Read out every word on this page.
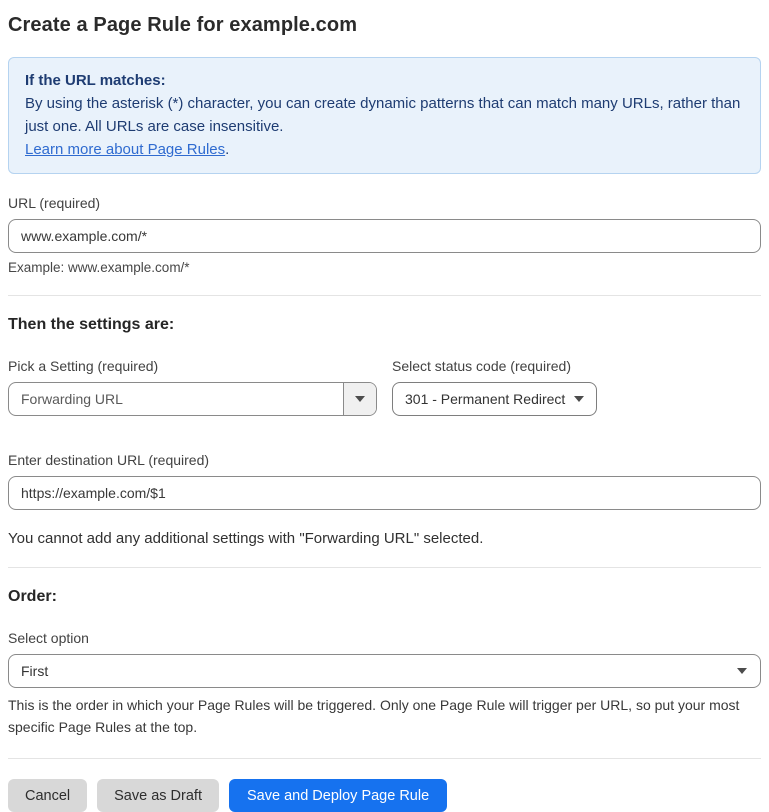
Create a Page Rule for example.com
If the URL matches:
By using the asterisk (*) character, you can create dynamic patterns that can match many URLs, rather than just one. All URLs are case insensitive.
Learn more about Page Rules.
URL (required)
www.example.com/*
Example: www.example.com/*
Then the settings are:
Pick a Setting (required)
Forwarding URL
Select status code (required)
301 - Permanent Redirect
Enter destination URL (required)
https://example.com/$1
You cannot add any additional settings with "Forwarding URL" selected.
Order:
Select option
First
This is the order in which your Page Rules will be triggered. Only one Page Rule will trigger per URL, so put your most specific Page Rules at the top.
Cancel	Save as Draft	Save and Deploy Page Rule
